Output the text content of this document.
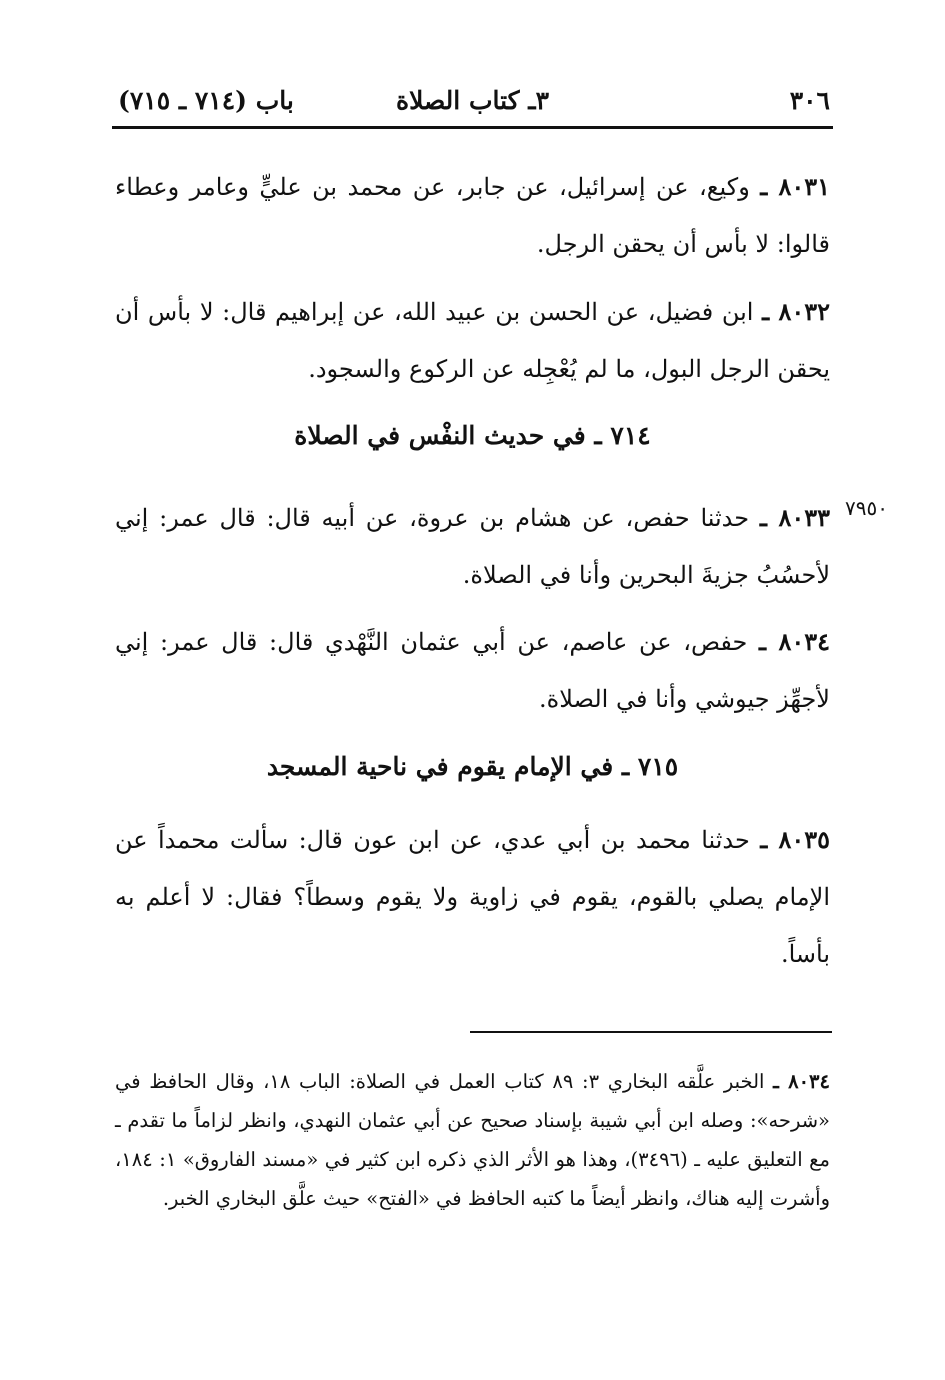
٣٠٦
٣ـ كتاب الصلاة
باب (٧١٤ ـ ٧١٥)
٨٠٣١ ـ وكيع، عن إسرائيل، عن جابر، عن محمد بن عليٍّ وعامر وعطاء قالوا: لا بأس أن يحقن الرجل.
٨٠٣٢ ـ ابن فضيل، عن الحسن بن عبيد الله، عن إبراهيم قال: لا بأس أن يحقن الرجل البول، ما لم يُعْجِله عن الركوع والسجود.
٧١٤ ـ في حديث النفْس في الصلاة
٧٩٥٠
٨٠٣٣ ـ حدثنا حفص، عن هشام بن عروة، عن أبيه قال: قال عمر: إني لأحسُبُ جزيةَ البحرين وأنا في الصلاة.
٨٠٣٤ ـ حفص، عن عاصم، عن أبي عثمان النَّهْدي قال: قال عمر: إني لأجهِّز جيوشي وأنا في الصلاة.
٧١٥ ـ في الإمام يقوم في ناحية المسجد
٨٠٣٥ ـ حدثنا محمد بن أبي عدي، عن ابن عون قال: سألت محمداً عن الإمام يصلي بالقوم، يقوم في زاوية ولا يقوم وسطاً؟ فقال: لا أعلم به بأساً.
٨٠٣٤ ـ الخبر علَّقه البخاري ٣: ٨٩ كتاب العمل في الصلاة: الباب ١٨، وقال الحافظ في «شرحه»: وصله ابن أبي شيبة بإسناد صحيح عن أبي عثمان النهدي، وانظر لزاماً ما تقدم ـ مع التعليق عليه ـ (٣٤٩٦)، وهذا هو الأثر الذي ذكره ابن كثير في «مسند الفاروق» ١: ١٨٤، وأشرت إليه هناك، وانظر أيضاً ما كتبه الحافظ في «الفتح» حيث علَّق البخاري الخبر.
